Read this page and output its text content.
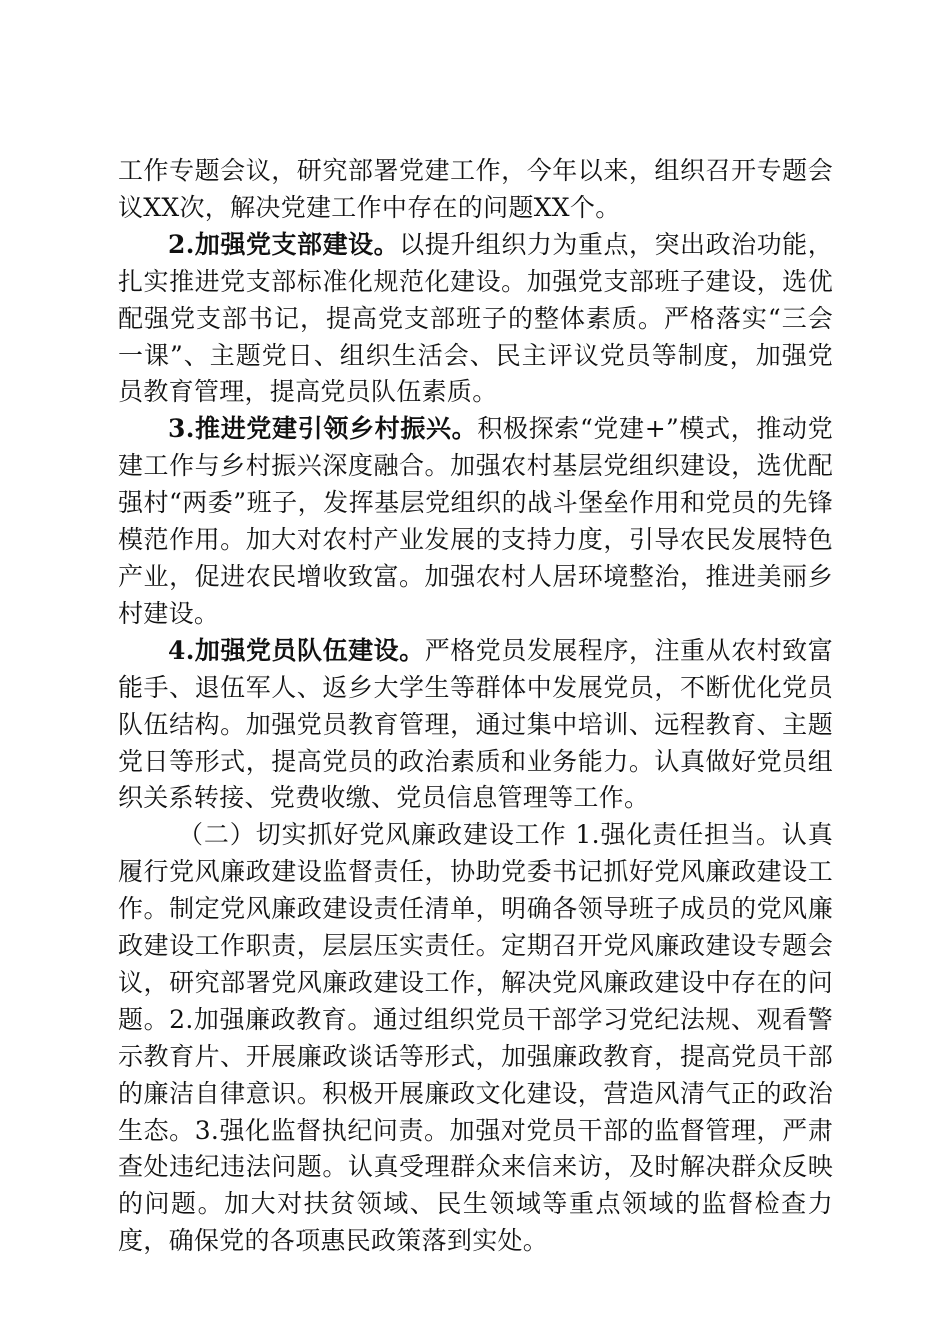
工作专题会议，研究部署党建工作，今年以来，组织召开专题会议XX次，解决党建工作中存在的问题XX个。

2.加强党支部建设。以提升组织力为重点，突出政治功能，扎实推进党支部标准化规范化建设。加强党支部班子建设，选优配强党支部书记，提高党支部班子的整体素质。严格落实“三会一课”、主题党日、组织生活会、民主评议党员等制度，加强党员教育管理，提高党员队伍素质。

3.推进党建引领乡村振兴。积极探索“党建+”模式，推动党建工作与乡村振兴深度融合。加强农村基层党组织建设，选优配强村“两委”班子，发挥基层党组织的战斗堡垒作用和党员的先锋模范作用。加大对农村产业发展的支持力度，引导农民发展特色产业，促进农民增收致富。加强农村人居环境整治，推进美丽乡村建设。

4.加强党员队伍建设。严格党员发展程序，注重从农村致富能手、退伍军人、返乡大学生等群体中发展党员，不断优化党员队伍结构。加强党员教育管理，通过集中培训、远程教育、主题党日等形式，提高党员的政治素质和业务能力。认真做好党员组织关系转接、党费收缴、党员信息管理等工作。

（二）切实抓好党风廉政建设工作 1.强化责任担当。认真履行党风廉政建设监督责任，协助党委书记抓好党风廉政建设工作。制定党风廉政建设责任清单，明确各领导班子成员的党风廉政建设工作职责，层层压实责任。定期召开党风廉政建设专题会议，研究部署党风廉政建设工作，解决党风廉政建设中存在的问题。2.加强廉政教育。通过组织党员干部学习党纪法规、观看警示教育片、开展廉政谈话等形式，加强廉政教育，提高党员干部的廉洁自律意识。积极开展廉政文化建设，营造风清气正的政治生态。3.强化监督执纪问责。加强对党员干部的监督管理，严肃查处违纪违法问题。认真受理群众来信来访，及时解决群众反映的问题。加大对扶贫领域、民生领域等重点领域的监督检查力度，确保党的各项惠民政策落到实处。
